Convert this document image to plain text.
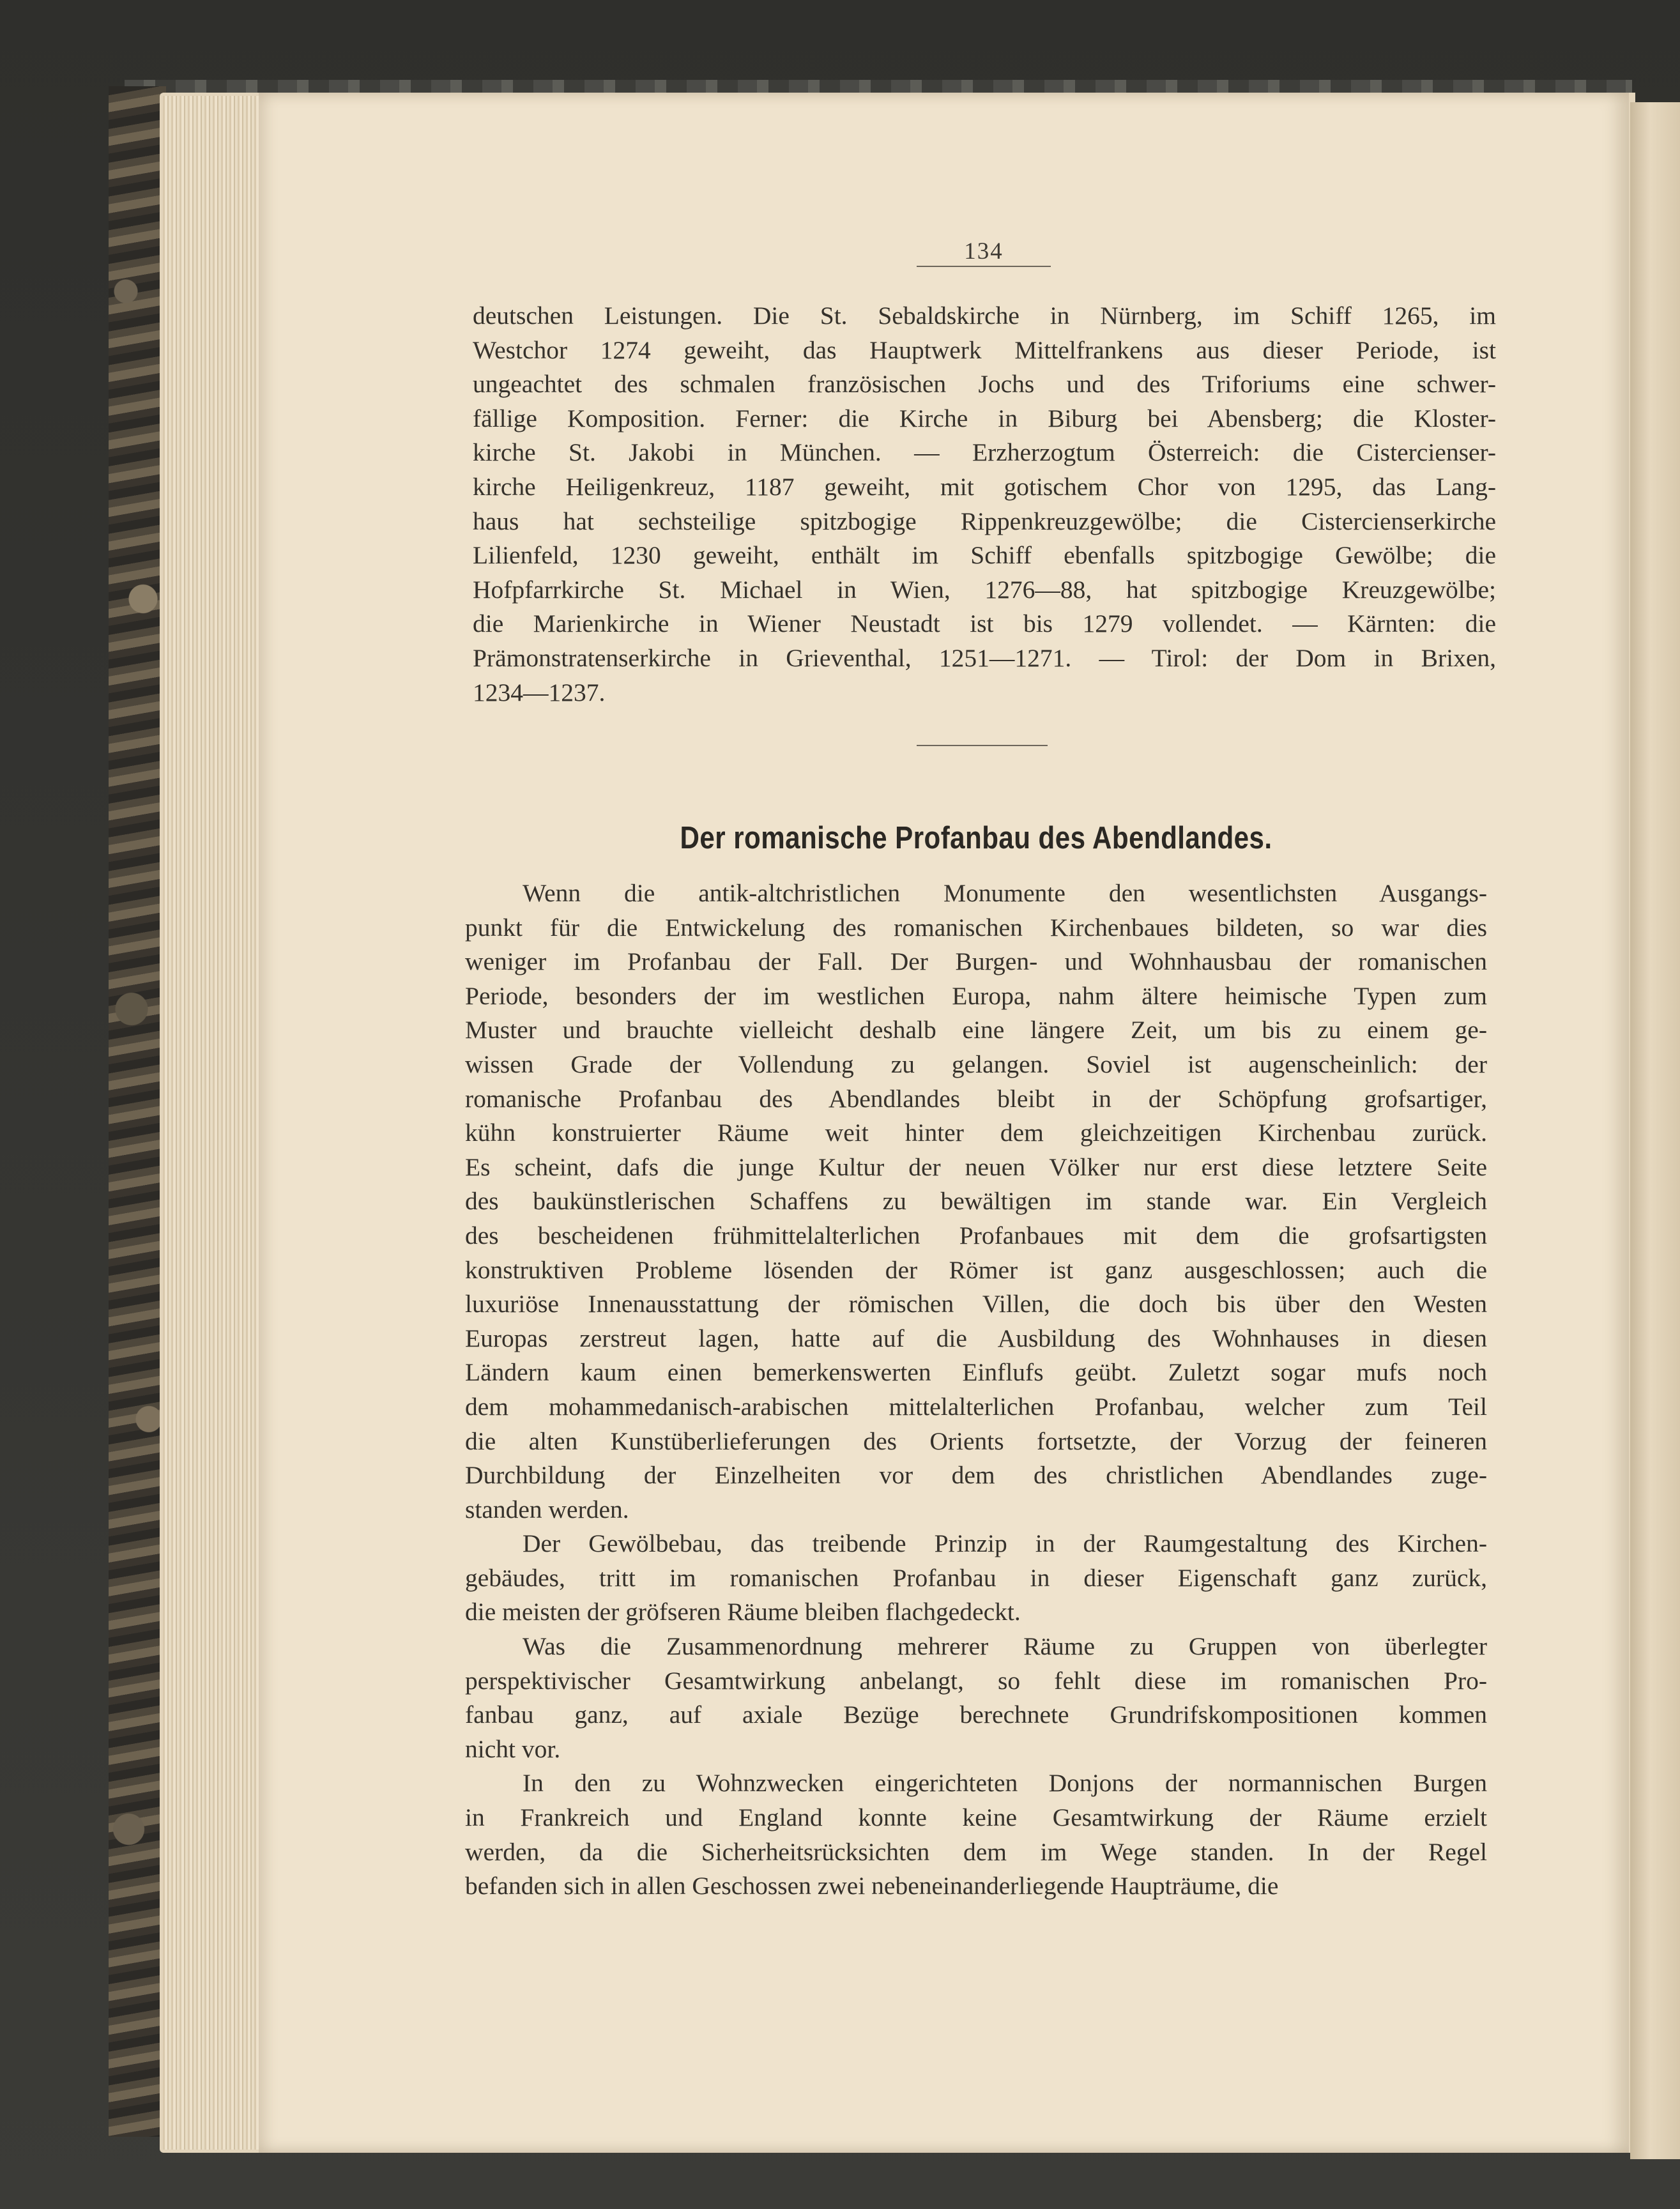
134
deutschen Leistungen. Die St. Sebaldskirche in Nürnberg, im Schiff 1265, im
Westchor 1274 geweiht, das Hauptwerk Mittelfrankens aus dieser Periode, ist
ungeachtet des schmalen französischen Jochs und des Triforiums eine schwer-
fällige Komposition. Ferner: die Kirche in Biburg bei Abensberg; die Kloster-
kirche St. Jakobi in München. — Erzherzogtum Österreich: die Cistercienser-
kirche Heiligenkreuz, 1187 geweiht, mit gotischem Chor von 1295, das Lang-
haus hat sechsteilige spitzbogige Rippenkreuzgewölbe; die Cistercienserkirche
Lilienfeld, 1230 geweiht, enthält im Schiff ebenfalls spitzbogige Gewölbe; die
Hofpfarrkirche St. Michael in Wien, 1276—88, hat spitzbogige Kreuzgewölbe;
die Marienkirche in Wiener Neustadt ist bis 1279 vollendet. — Kärnten: die
Prämonstratenserkirche in Grieventhal, 1251—1271. — Tirol: der Dom in Brixen,
1234—1237.
Der romanische Profanbau des Abendlandes.
Wenn die antik-altchristlichen Monumente den wesentlichsten Ausgangs-
punkt für die Entwickelung des romanischen Kirchenbaues bildeten, so war dies
weniger im Profanbau der Fall. Der Burgen- und Wohnhausbau der romanischen
Periode, besonders der im westlichen Europa, nahm ältere heimische Typen zum
Muster und brauchte vielleicht deshalb eine längere Zeit, um bis zu einem ge-
wissen Grade der Vollendung zu gelangen. Soviel ist augenscheinlich: der
romanische Profanbau des Abendlandes bleibt in der Schöpfung grofsartiger,
kühn konstruierter Räume weit hinter dem gleichzeitigen Kirchenbau zurück.
Es scheint, dafs die junge Kultur der neuen Völker nur erst diese letztere Seite
des baukünstlerischen Schaffens zu bewältigen im stande war. Ein Vergleich
des bescheidenen frühmittelalterlichen Profanbaues mit dem die grofsartigsten
konstruktiven Probleme lösenden der Römer ist ganz ausgeschlossen; auch die
luxuriöse Innenausstattung der römischen Villen, die doch bis über den Westen
Europas zerstreut lagen, hatte auf die Ausbildung des Wohnhauses in diesen
Ländern kaum einen bemerkenswerten Einflufs geübt. Zuletzt sogar mufs noch
dem mohammedanisch-arabischen mittelalterlichen Profanbau, welcher zum Teil
die alten Kunstüberlieferungen des Orients fortsetzte, der Vorzug der feineren
Durchbildung der Einzelheiten vor dem des christlichen Abendlandes zuge-
standen werden.
Der Gewölbebau, das treibende Prinzip in der Raumgestaltung des Kirchen-
gebäudes, tritt im romanischen Profanbau in dieser Eigenschaft ganz zurück,
die meisten der gröfseren Räume bleiben flachgedeckt.
Was die Zusammenordnung mehrerer Räume zu Gruppen von überlegter
perspektivischer Gesamtwirkung anbelangt, so fehlt diese im romanischen Pro-
fanbau ganz, auf axiale Bezüge berechnete Grundrifskompositionen kommen
nicht vor.
In den zu Wohnzwecken eingerichteten Donjons der normannischen Burgen
in Frankreich und England konnte keine Gesamtwirkung der Räume erzielt
werden, da die Sicherheitsrücksichten dem im Wege standen. In der Regel
befanden sich in allen Geschossen zwei nebeneinanderliegende Haupträume, die
